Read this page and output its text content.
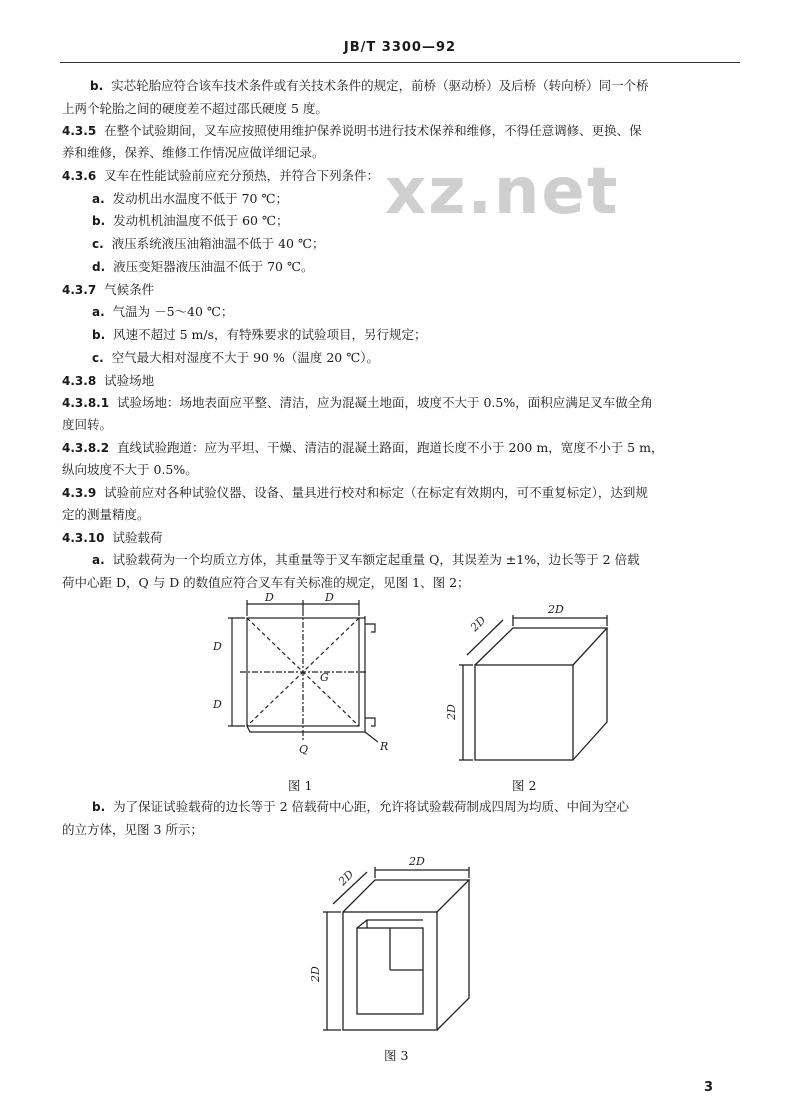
JB/T 3300—92
xz.net
b. 实芯轮胎应符合该车技术条件或有关技术条件的规定，前桥（驱动桥）及后桥（转向桥）同一个桥
上两个轮胎之间的硬度差不超过邵氏硬度 5 度。
4.3.5 在整个试验期间，叉车应按照使用维护保养说明书进行技术保养和维修，不得任意调修、更换、保
养和维修，保养、维修工作情况应做详细记录。
4.3.6 叉车在性能试验前应充分预热，并符合下列条件：
a. 发动机出水温度不低于 70 ℃；
b. 发动机机油温度不低于 60 ℃；
c. 液压系统液压油箱油温不低于 40 ℃；
d. 液压变矩器液压油温不低于 70 ℃。
4.3.7 气候条件
a. 气温为 －5～40 ℃；
b. 风速不超过 5 m/s，有特殊要求的试验项目，另行规定；
c. 空气最大相对湿度不大于 90 %（温度 20 ℃）。
4.3.8 试验场地
4.3.8.1 试验场地：场地表面应平整、清洁，应为混凝土地面，坡度不大于 0.5%，面积应满足叉车做全角
度回转。
4.3.8.2 直线试验跑道：应为平坦、干燥、清洁的混凝土路面，跑道长度不小于 200 m，宽度不小于 5 m，
纵向坡度不大于 0.5%。
4.3.9 试验前应对各种试验仪器、设备、量具进行校对和标定（在标定有效期内，可不重复标定），达到规
定的测量精度。
4.3.10 试验载荷
a. 试验载荷为一个均质立方体，其重量等于叉车额定起重量 Q，其误差为 ±1%，边长等于 2 倍载
荷中心距 D，Q 与 D 的数值应符合叉车有关标准的规定，见图 1、图 2；
D	D
D
D
G
Q	R
图 1
2D
2D
2D
图 2
b. 为了保证试验载荷的边长等于 2 倍载荷中心距，允许将试验载荷制成四周为均质、中间为空心
的立方体，见图 3 所示；
2D
2D
2D
图 3
3
